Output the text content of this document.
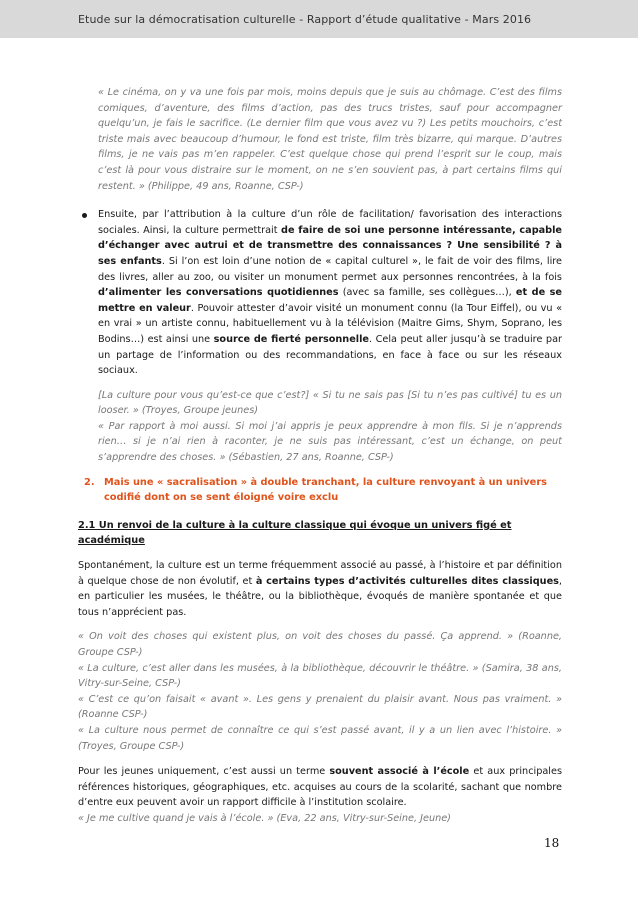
Etude sur la démocratisation culturelle - Rapport d’étude qualitative - Mars 2016
« Le cinéma, on y va une fois par mois, moins depuis que je suis au chômage. C’est des films comiques, d’aventure, des films d’action, pas des trucs tristes, sauf pour accompagner quelqu’un, je fais le sacrifice. (Le dernier film que vous avez vu ?) Les petits mouchoirs, c’est triste mais avec beaucoup d’humour, le fond est triste, film très bizarre, qui marque. D’autres films, je ne vais pas m’en rappeler. C’est quelque chose qui prend l’esprit sur le coup, mais c’est là pour vous distraire sur le moment, on ne s’en souvient pas, à part certains films qui restent. » (Philippe, 49 ans, Roanne, CSP-)
Ensuite, par l’attribution à la culture d’un rôle de facilitation/ favorisation des interactions sociales. Ainsi, la culture permettrait de faire de soi une personne intéressante, capable d’échanger avec autrui et de transmettre des connaissances ? Une sensibilité ? à ses enfants. Si l’on est loin d’une notion de « capital culturel », le fait de voir des films, lire des livres, aller au zoo, ou visiter un monument permet aux personnes rencontrées, à la fois d’alimenter les conversations quotidiennes (avec sa famille, ses collègues…), et de se mettre en valeur. Pouvoir attester d’avoir visité un monument connu (la Tour Eiffel), ou vu « en vrai » un artiste connu, habituellement vu à la télévision (Maitre Gims, Shym, Soprano, les Bodins…) est ainsi une source de fierté personnelle. Cela peut aller jusqu’à se traduire par un partage de l’information ou des recommandations, en face à face ou sur les réseaux sociaux.
[La culture pour vous qu’est-ce que c’est?] « Si tu ne sais pas [Si tu n’es pas cultivé] tu es un looser. » (Troyes, Groupe jeunes)
« Par rapport à moi aussi. Si moi j’ai appris je peux apprendre à mon fils. Si je n’apprends rien… si je n’ai rien à raconter, je ne suis pas intéressant, c’est un échange, on peut s’apprendre des choses. » (Sébastien, 27 ans, Roanne, CSP-)
2. Mais une « sacralisation » à double tranchant, la culture renvoyant à un univers codifié dont on se sent éloigné voire exclu
2.1 Un renvoi de la culture à la culture classique qui évoque un univers figé et académique
Spontanément, la culture est un terme fréquemment associé au passé, à l’histoire et par définition à quelque chose de non évolutif, et à certains types d’activités culturelles dites classiques, en particulier les musées, le théâtre, ou la bibliothèque, évoqués de manière spontanée et que tous n’apprécient pas.
« On voit des choses qui existent plus, on voit des choses du passé. Ça apprend. » (Roanne, Groupe CSP-)
« La culture, c’est aller dans les musées, à la bibliothèque, découvrir le théâtre. » (Samira, 38 ans, Vitry-sur-Seine, CSP-)
« C’est ce qu’on faisait « avant ». Les gens y prenaient du plaisir avant. Nous pas vraiment. » (Roanne CSP-)
« La culture nous permet de connaître ce qui s’est passé avant, il y a un lien avec l’histoire. » (Troyes, Groupe CSP-)
Pour les jeunes uniquement, c’est aussi un terme souvent associé à l’école et aux principales références historiques, géographiques, etc. acquises au cours de la scolarité, sachant que nombre d’entre eux peuvent avoir un rapport difficile à l’institution scolaire.
« Je me cultive quand je vais à l’école. » (Eva, 22 ans, Vitry-sur-Seine, Jeune)
18
